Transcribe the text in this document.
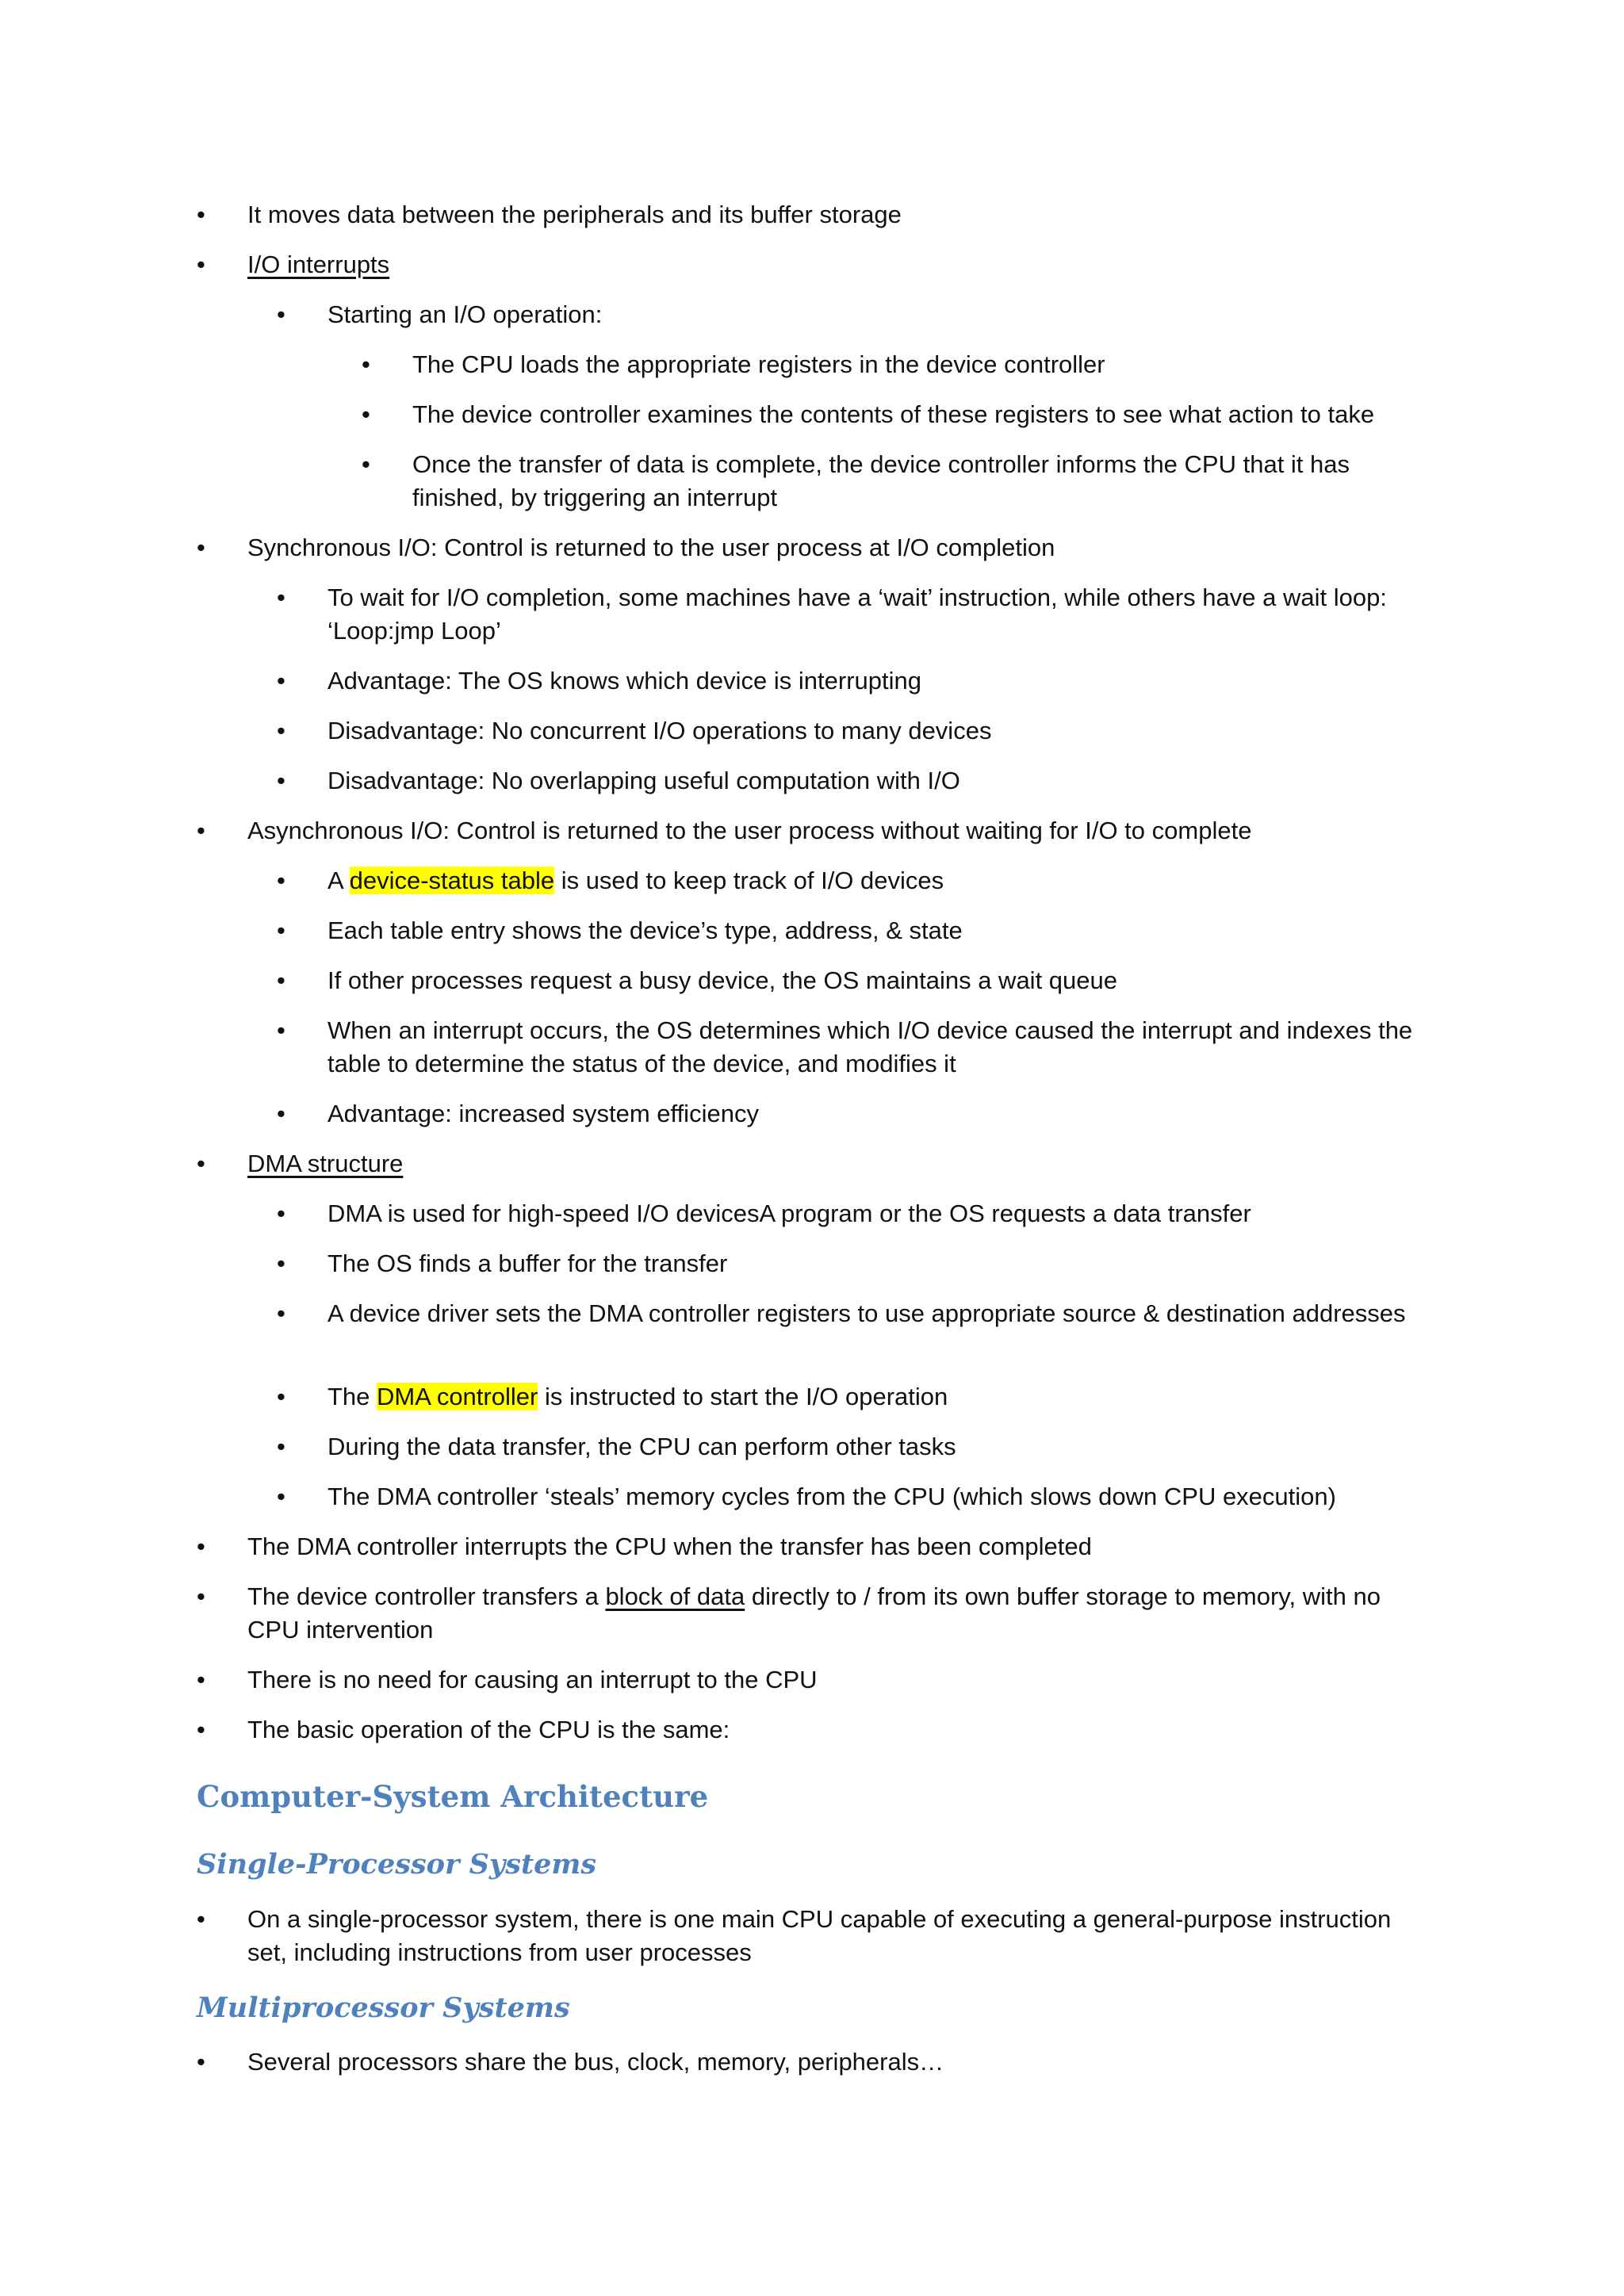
• It moves data between the peripherals and its buffer storage
• I/O interrupts
• Starting an I/O operation:
• The CPU loads the appropriate registers in the device controller
• The device controller examines the contents of these registers to see what action to take
• Once the transfer of data is complete, the device controller informs the CPU that it has finished, by triggering an interrupt
• Synchronous I/O: Control is returned to the user process at I/O completion
• To wait for I/O completion, some machines have a ‘wait’ instruction, while others have a wait loop: ‘Loop:jmp Loop’
• Advantage: The OS knows which device is interrupting
• Disadvantage: No concurrent I/O operations to many devices
• Disadvantage: No overlapping useful computation with I/O
• Asynchronous I/O: Control is returned to the user process without waiting for I/O to complete
• A device-status table is used to keep track of I/O devices
• Each table entry shows the device’s type, address, & state
• If other processes request a busy device, the OS maintains a wait queue
• When an interrupt occurs, the OS determines which I/O device caused the interrupt and indexes the table to determine the status of the device, and modifies it
• Advantage: increased system efficiency
• DMA structure
• DMA is used for high-speed I/O devicesA program or the OS requests a data transfer
• The OS finds a buffer for the transfer
• A device driver sets the DMA controller registers to use appropriate source & destination addresses
• The DMA controller is instructed to start the I/O operation
• During the data transfer, the CPU can perform other tasks
• The DMA controller ‘steals’ memory cycles from the CPU (which slows down CPU execution)
• The DMA controller interrupts the CPU when the transfer has been completed
• The device controller transfers a block of data directly to / from its own buffer storage to memory, with no CPU intervention
• There is no need for causing an interrupt to the CPU
• The basic operation of the CPU is the same:
Computer-System Architecture
Single-Processor Systems
• On a single-processor system, there is one main CPU capable of executing a general-purpose instruction set, including instructions from user processes
Multiprocessor Systems
• Several processors share the bus, clock, memory, peripherals…
